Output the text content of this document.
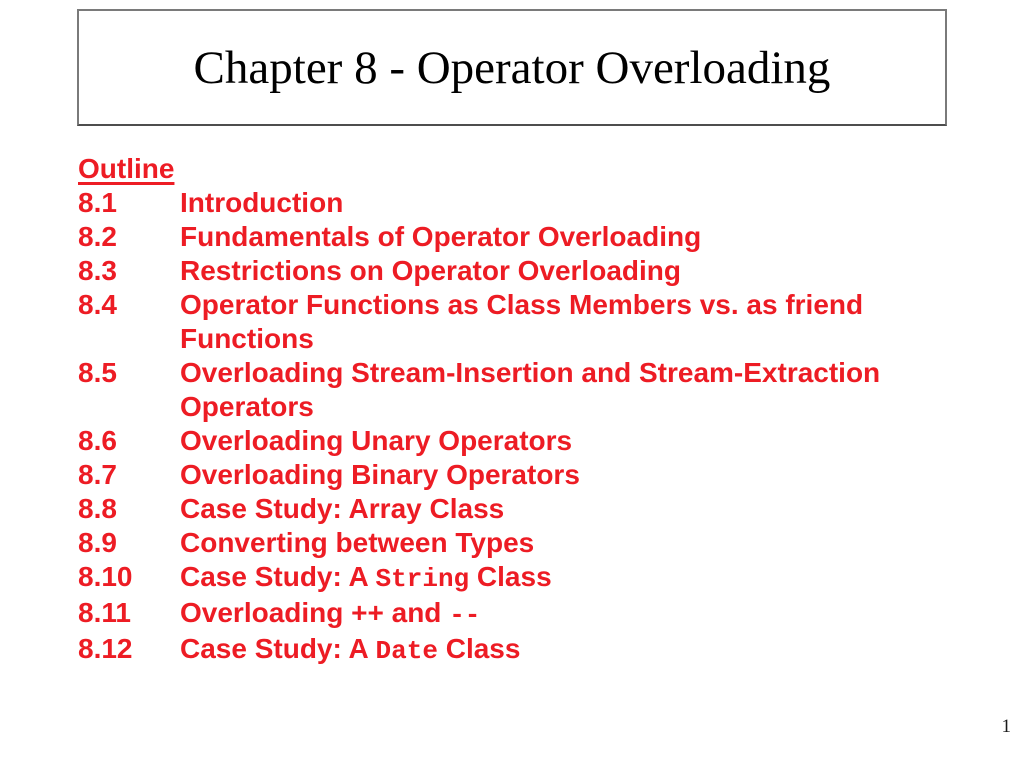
Chapter 8 - Operator Overloading
Outline
8.1	Introduction
8.2	Fundamentals of Operator Overloading
8.3	Restrictions on Operator Overloading
8.4	Operator Functions as Class Members vs. as friend
Functions
8.5	Overloading Stream-Insertion and Stream-Extraction
Operators
8.6	Overloading Unary Operators
8.7	Overloading Binary Operators
8.8	Case Study: Array Class
8.9	Converting between Types
8.10	Case Study: A String Class
8.11	Overloading ++ and --
8.12	Case Study: A Date Class
1
